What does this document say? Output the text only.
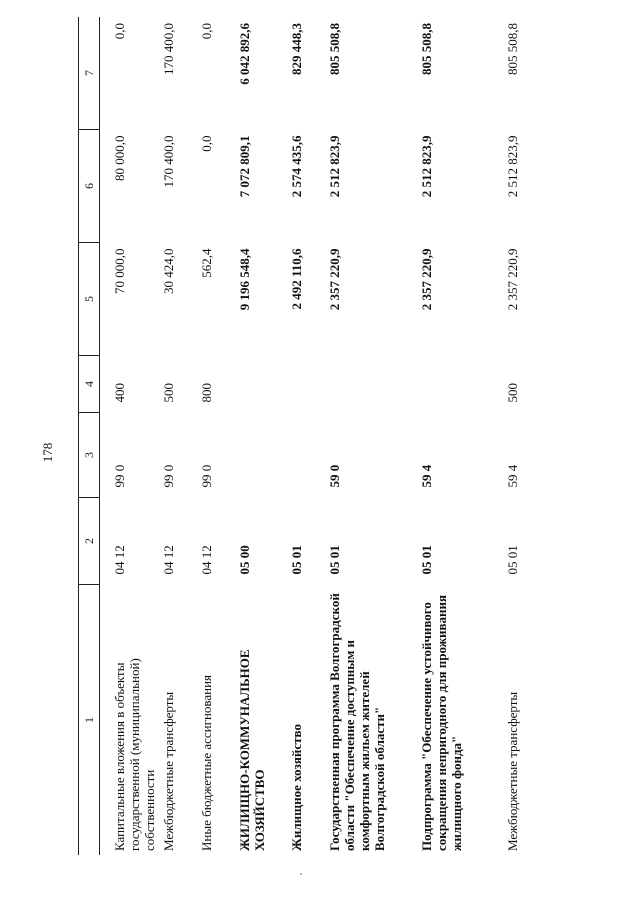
178
1	2	3	4	5	6	7

Капитальные вложения в объекты государственной (муниципальной) собственности	04 12	99 0	400	70 000,0	80 000,0	0,0

Межбюджетные трансферты	04 12	99 0	500	30 424,0	170 400,0	170 400,0

Иные бюджетные ассигнования	04 12	99 0	800	562,4	0,0	0,0

ЖИЛИЩНО-КОММУНАЛЬНОЕ ХОЗЯЙСТВО	05 00			9 196 548,4	7 072 809,1	6 042 892,6

Жилищное хозяйство	05 01			2 492 110,6	2 574 435,6	829 448,3

Государственная программа Волгоградской области "Обеспечение доступным и комфортным жильем жителей Волгоградской области"	05 01	59 0		2 357 220,9	2 512 823,9	805 508,8

Подпрограмма "Обеспечение устойчивого сокращения непригодного для проживания жилищного фонда"	05 01	59 4		2 357 220,9	2 512 823,9	805 508,8

Межбюджетные трансферты	05 01	59 4	500	2 357 220,9	2 512 823,9	805 508,8
